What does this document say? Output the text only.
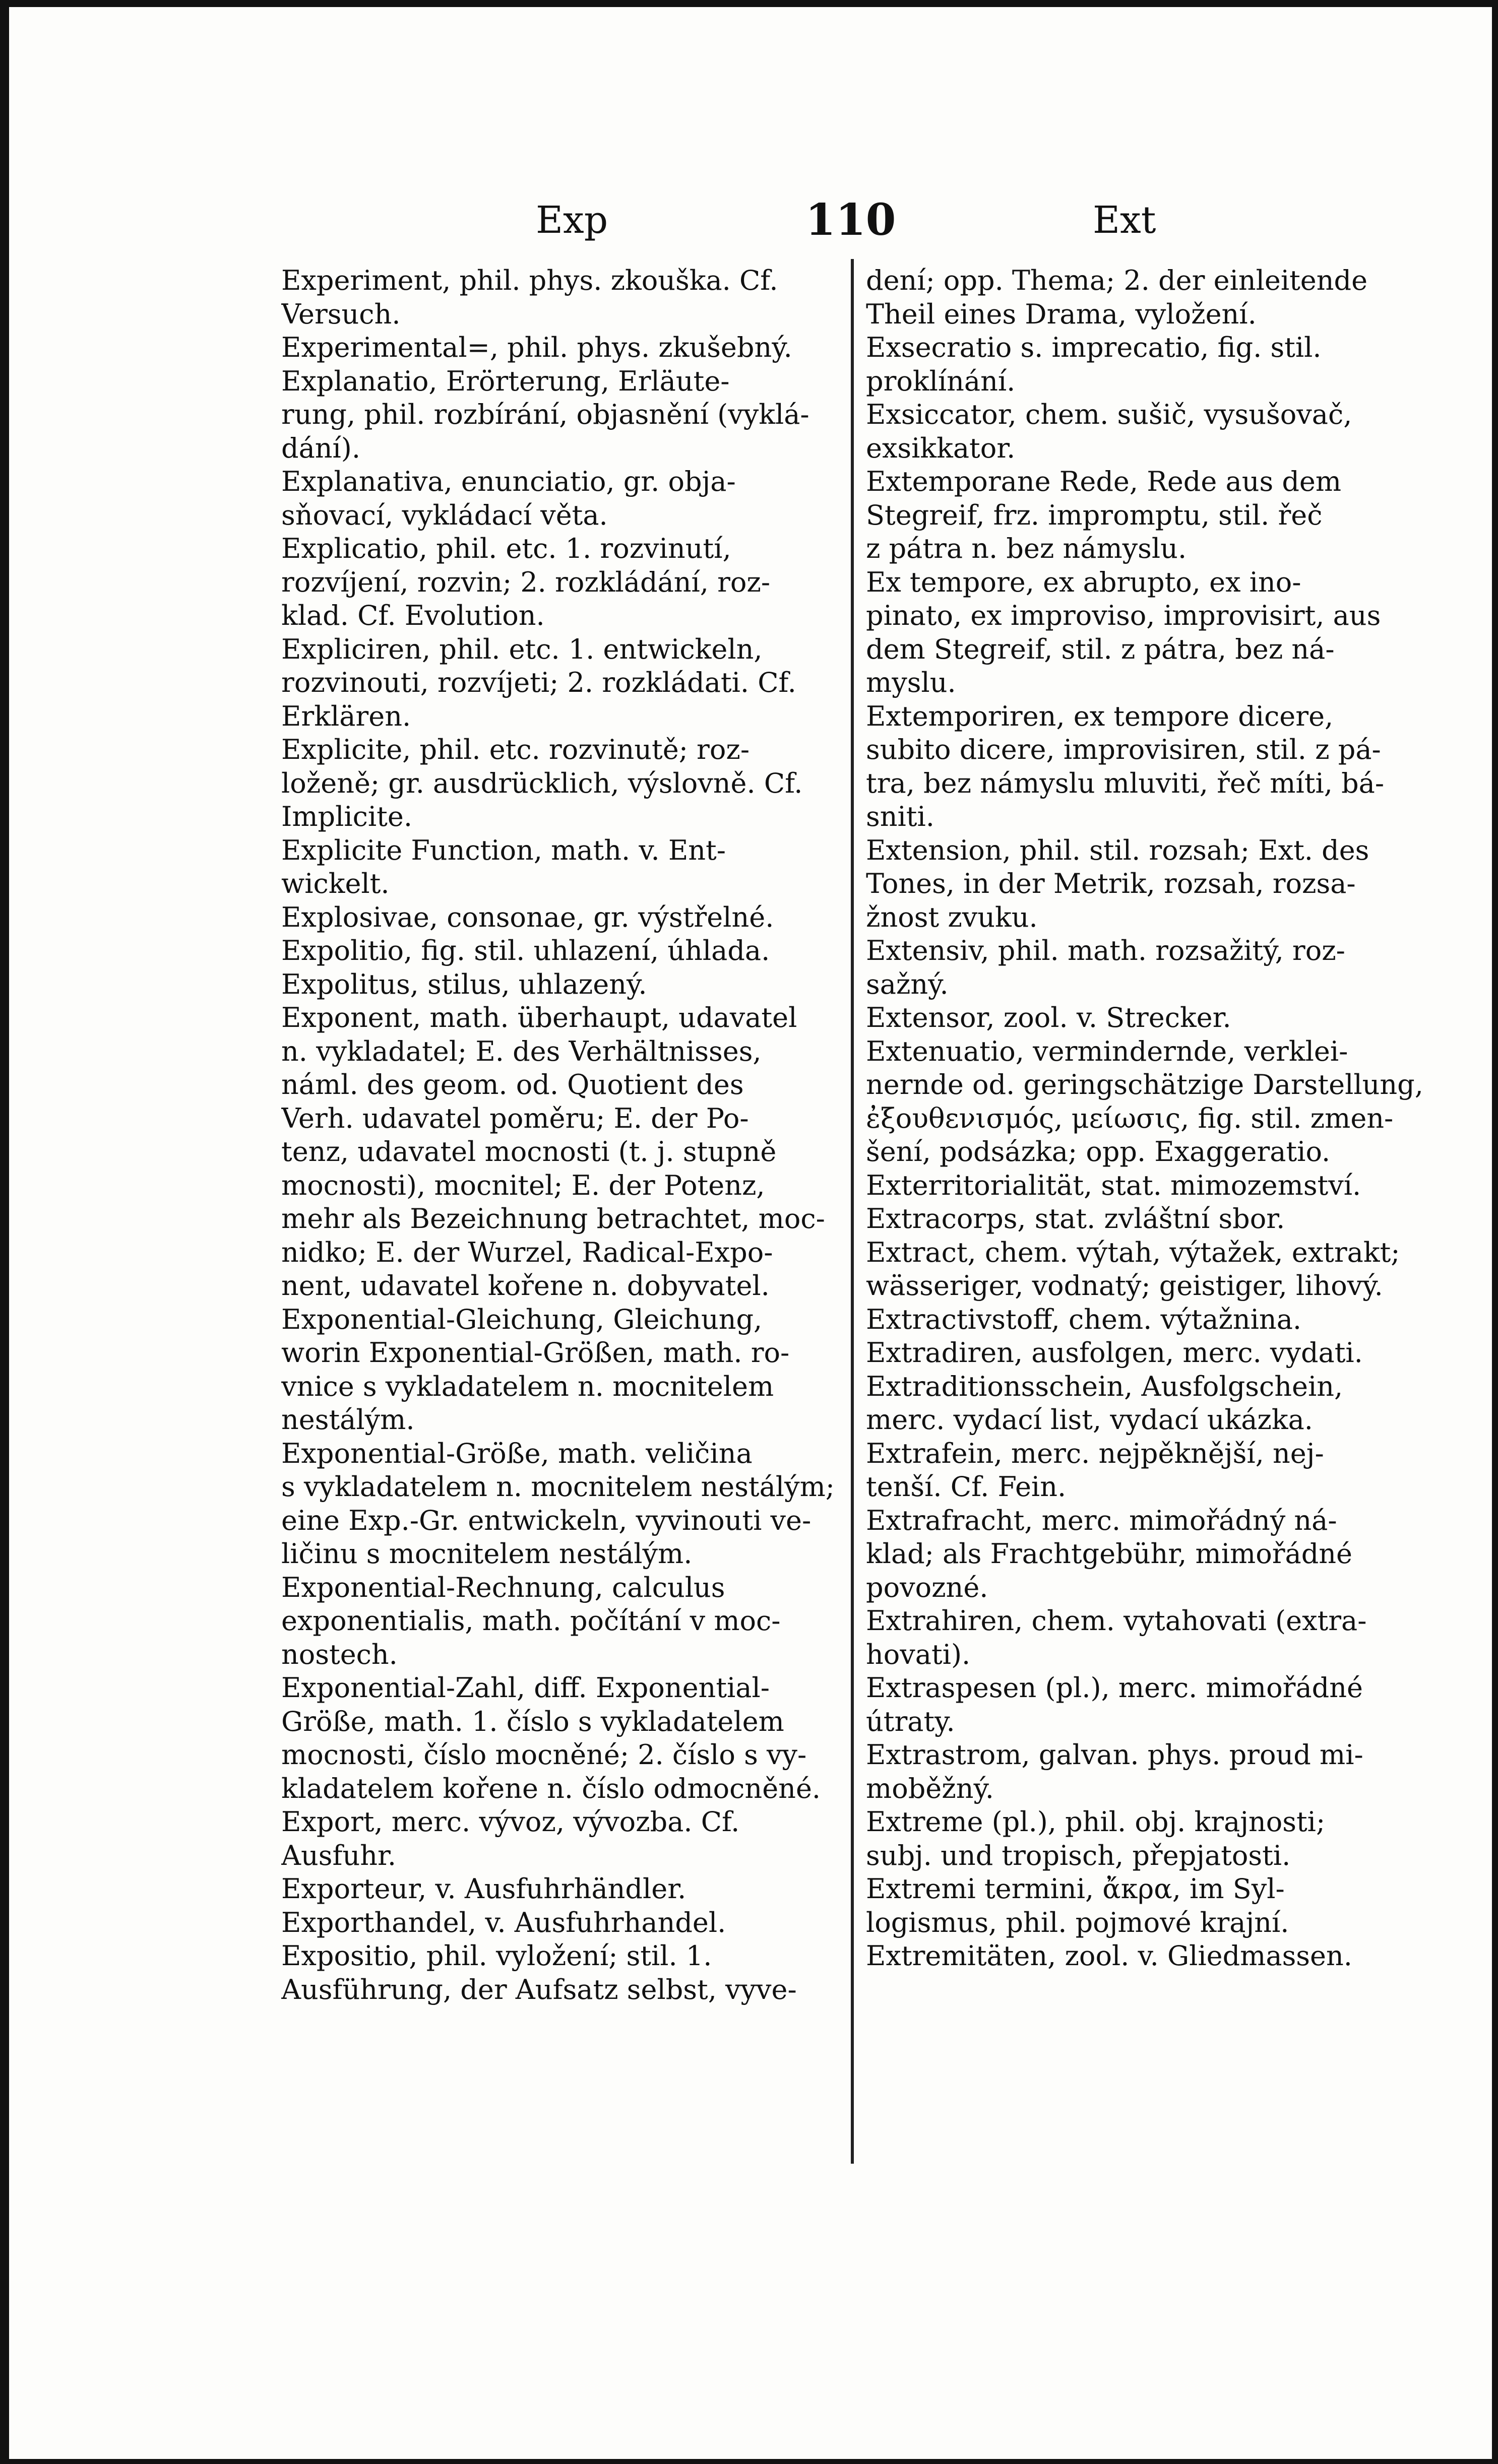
Exp	110	Ext
Experiment, phil. phys. zkouška. Cf.
Versuch.
Experimental=, phil. phys. zkušebný.
Explanatio, Erörterung, Erläute-
rung, phil. rozbírání, objasnění (vyklá-
dání).
Explanativa, enunciatio, gr. obja-
sňovací, vykládací věta.
Explicatio, phil. etc. 1. rozvinutí,
rozvíjení, rozvin; 2. rozkládání, roz-
klad. Cf. Evolution.
Expliciren, phil. etc. 1. entwickeln,
rozvinouti, rozvíjeti; 2. rozkládati. Cf.
Erklären.
Explicite, phil. etc. rozvinutě; roz-
loženě; gr. ausdrücklich, výslovně. Cf.
Implicite.
Explicite Function, math. v. Ent-
wickelt.
Explosivae, consonae, gr. výstřelné.
Expolitio, fig. stil. uhlazení, úhlada.
Expolitus, stilus, uhlazený.
Exponent, math. überhaupt, udavatel
n. vykladatel; E. des Verhältnisses,
náml. des geom. od. Quotient des
Verh. udavatel poměru; E. der Po-
tenz, udavatel mocnosti (t. j. stupně
mocnosti), mocnitel; E. der Potenz,
mehr als Bezeichnung betrachtet, moc-
nidko; E. der Wurzel, Radical-Expo-
nent, udavatel kořene n. dobyvatel.
Exponential-Gleichung, Gleichung,
worin Exponential-Größen, math. ro-
vnice s vykladatelem n. mocnitelem
nestálým.
Exponential-Größe, math. veličina
s vykladatelem n. mocnitelem nestálým;
eine Exp.-Gr. entwickeln, vyvinouti ve-
ličinu s mocnitelem nestálým.
Exponential-Rechnung, calculus
exponentialis, math. počítání v moc-
nostech.
Exponential-Zahl, diff. Exponential-
Größe, math. 1. číslo s vykladatelem
mocnosti, číslo mocněné; 2. číslo s vy-
kladatelem kořene n. číslo odmocněné.
Export, merc. vývoz, vývozba. Cf.
Ausfuhr.
Exporteur, v. Ausfuhrhändler.
Exporthandel, v. Ausfuhrhandel.
Expositio, phil. vyložení; stil. 1.
Ausführung, der Aufsatz selbst, vyve-
dení; opp. Thema; 2. der einleitende
Theil eines Drama, vyložení.
Exsecratio s. imprecatio, fig. stil.
proklínání.
Exsiccator, chem. sušič, vysušovač,
exsikkator.
Extemporane Rede, Rede aus dem
Stegreif, frz. impromptu, stil. řeč
z pátra n. bez námyslu.
Ex tempore, ex abrupto, ex ino-
pinato, ex improviso, improvisirt, aus
dem Stegreif, stil. z pátra, bez ná-
myslu.
Extemporiren, ex tempore dicere,
subito dicere, improvisiren, stil. z pá-
tra, bez námyslu mluviti, řeč míti, bá-
sniti.
Extension, phil. stil. rozsah; Ext. des
Tones, in der Metrik, rozsah, rozsa-
žnost zvuku.
Extensiv, phil. math. rozsažitý, roz-
sažný.
Extensor, zool. v. Strecker.
Extenuatio, vermindernde, verklei-
nernde od. geringschätzige Darstellung,
ἐξουθενισμός, μείωσις, fig. stil. zmen-
šení, podsázka; opp. Exaggeratio.
Exterritorialität, stat. mimozemství.
Extracorps, stat. zvláštní sbor.
Extract, chem. výtah, výtažek, extrakt;
wässeriger, vodnatý; geistiger, lihový.
Extractivstoff, chem. výtažnina.
Extradiren, ausfolgen, merc. vydati.
Extraditionsschein, Ausfolgschein,
merc. vydací list, vydací ukázka.
Extrafein, merc. nejpěknější, nej-
tenší. Cf. Fein.
Extrafracht, merc. mimořádný ná-
klad; als Frachtgebühr, mimořádné
povozné.
Extrahiren, chem. vytahovati (extra-
hovati).
Extraspesen (pl.), merc. mimořádné
útraty.
Extrastrom, galvan. phys. proud mi-
moběžný.
Extreme (pl.), phil. obj. krajnosti;
subj. und tropisch, přepjatosti.
Extremi termini, ἄκρα, im Syl-
logismus, phil. pojmové krajní.
Extremitäten, zool. v. Gliedmassen.
